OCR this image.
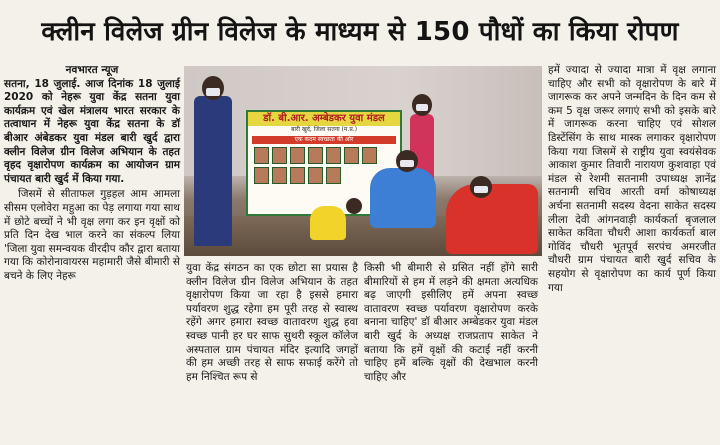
क्लीन विलेज ग्रीन विलेज के माध्यम से 150 पौधों का किया रोपण
नवभारत न्यूज

सतना, 18 जुलाई. आज दिनांक 18 जुलाई 2020 को नेहरू युवा केंद्र सतना युवा कार्यक्रम एवं खेल मंत्रालय भारत सरकार के तत्वाधान में नेहरू युवा केंद्र सतना के डॉ बीआर अंबेडकर युवा मंडल बारी खुर्द द्वारा क्लीन विलेज ग्रीन विलेज अभियान के तहत वृहद वृक्षारोपण कार्यक्रम का आयोजन ग्राम पंचायत बारी खुर्द में किया गया.

जिसमें से सीताफल गुड़हल आम आमला सीसम एलोवेरा महुआ का पेड़ लगाया गया साथ में छोटे बच्चों ने भी वृक्ष लगा कर इन वृक्षों को प्रति दिन देख भाल करने का संकल्प लिया 'जिला युवा समन्वयक वीरदीप कौर द्वारा बताया गया कि कोरोनावायरस महामारी जैसे बीमारी से बचने के लिए नेहरू

डॉ. बी.आर. अम्बेडकर युवा मंडल
बारी खुर्द, जिला सतना (म.प्र.)
एक कदम स्वच्छता की ओर

युवा केंद्र संगठन का एक छोटा सा प्रयास है क्लीन विलेज ग्रीन विलेज अभियान के तहत वृक्षारोपण किया जा रहा है इससे हमारा पर्यावरण शुद्ध रहेगा हम पूरी तरह से स्वास्थ रहेंगे अगर हमारा स्वच्छ वातावरण शुद्ध हवा स्वच्छ पानी हर घर साफ सुथरी स्कूल कॉलेज अस्पताल ग्राम पंचायत मंदिर इत्यादि जगहों की हम अच्छी तरह से साफ सफाई करेंगे तो हम निश्चित रूप से

किसी भी बीमारी से ग्रसित नहीं होंगे सारी बीमारियों से हम में लड़ने की क्षमता अत्यधिक बढ़ जाएगी इसीलिए हमें अपना स्वच्छ वातावरण स्वच्छ पर्यावरण वृक्षारोपण करके बनाना चाहिए' डॉ बीआर अम्बेडकर युवा मंडल बारी खुर्द के अध्यक्ष राजप्रताप साकेत ने बताया कि हमें वृक्षों की कटाई नहीं करनी चाहिए हमें बल्कि वृक्षों की देखभाल करनी चाहिए और

हमें ज्यादा से ज्यादा मात्रा में वृक्ष लगाना चाहिए और सभी को वृक्षारोपण के बारे में जागरूक कर अपने जन्मदिन के दिन कम से कम 5 वृक्ष जरूर लगाएं सभी को इसके बारे में जागरूक करना चाहिए एवं सोशल डिस्टेंसिंग के साथ मास्क लगाकर वृक्षारोपण किया गया जिसमें से राष्ट्रीय युवा स्वयंसेवक आकाश कुमार तिवारी नारायण कुशवाहा एवं मंडल से रेशमी सतनामी उपाध्यक्ष ज्ञानेंद्र सतनामी सचिव आरती वर्मा कोषाध्यक्ष अर्चना सतनामी सदस्य वेदना साकेत सदस्य लीला देवी आंगनवाड़ी कार्यकर्ता बृजलाल साकेत कविता चौधरी आशा कार्यकर्ता बाल गोविंद चौधरी भूतपूर्व सरपंच अमरजीत चौधरी ग्राम पंचायत बारी खुर्द सचिव के सहयोग से वृक्षारोपण का कार्य पूर्ण किया गया
